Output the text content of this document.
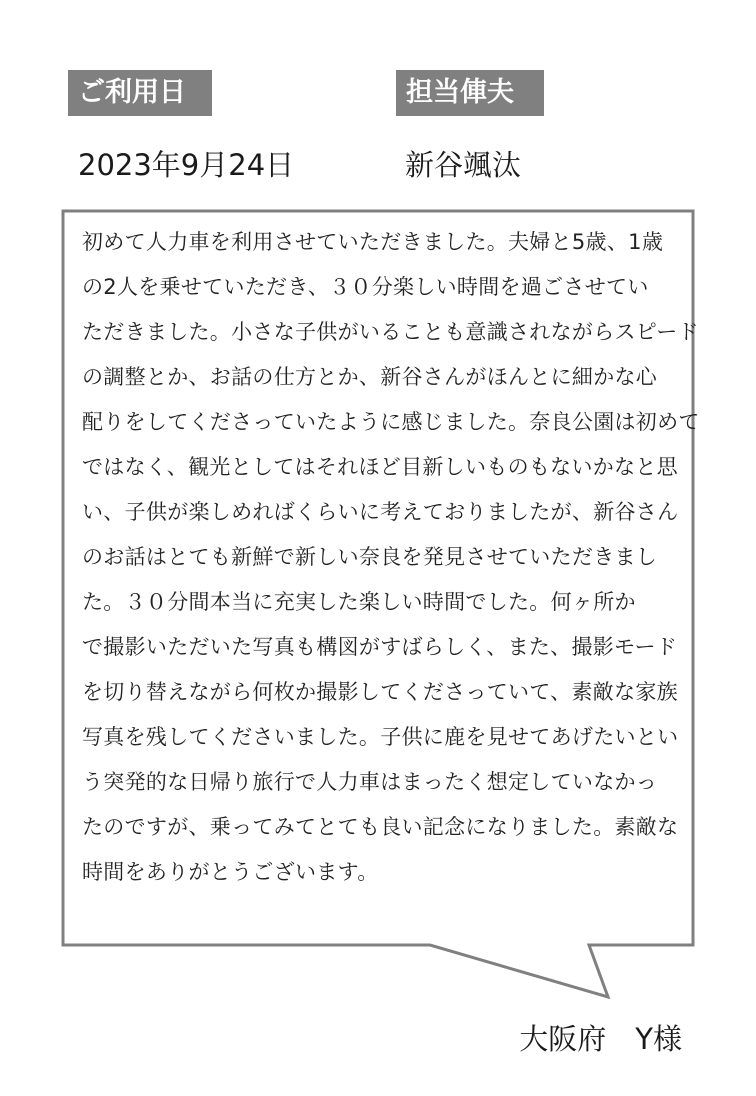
ご利用日	担当俥夫
2023年9月24日	新谷颯汰
初めて人力車を利用させていただきました。夫婦と5歳、1歳
の2人を乗せていただき、３０分楽しい時間を過ごさせてい
ただきました。小さな子供がいることも意識されながらスピード
の調整とか、お話の仕方とか、新谷さんがほんとに細かな心
配りをしてくださっていたように感じました。奈良公園は初めて
ではなく、観光としてはそれほど目新しいものもないかなと思
い、子供が楽しめればくらいに考えておりましたが、新谷さん
のお話はとても新鮮で新しい奈良を発見させていただきまし
た。３０分間本当に充実した楽しい時間でした。何ヶ所か
で撮影いただいた写真も構図がすばらしく、また、撮影モード
を切り替えながら何枚か撮影してくださっていて、素敵な家族
写真を残してくださいました。子供に鹿を見せてあげたいとい
う突発的な日帰り旅行で人力車はまったく想定していなかっ
たのですが、乗ってみてとても良い記念になりました。素敵な
時間をありがとうございます。
大阪府　Y様
